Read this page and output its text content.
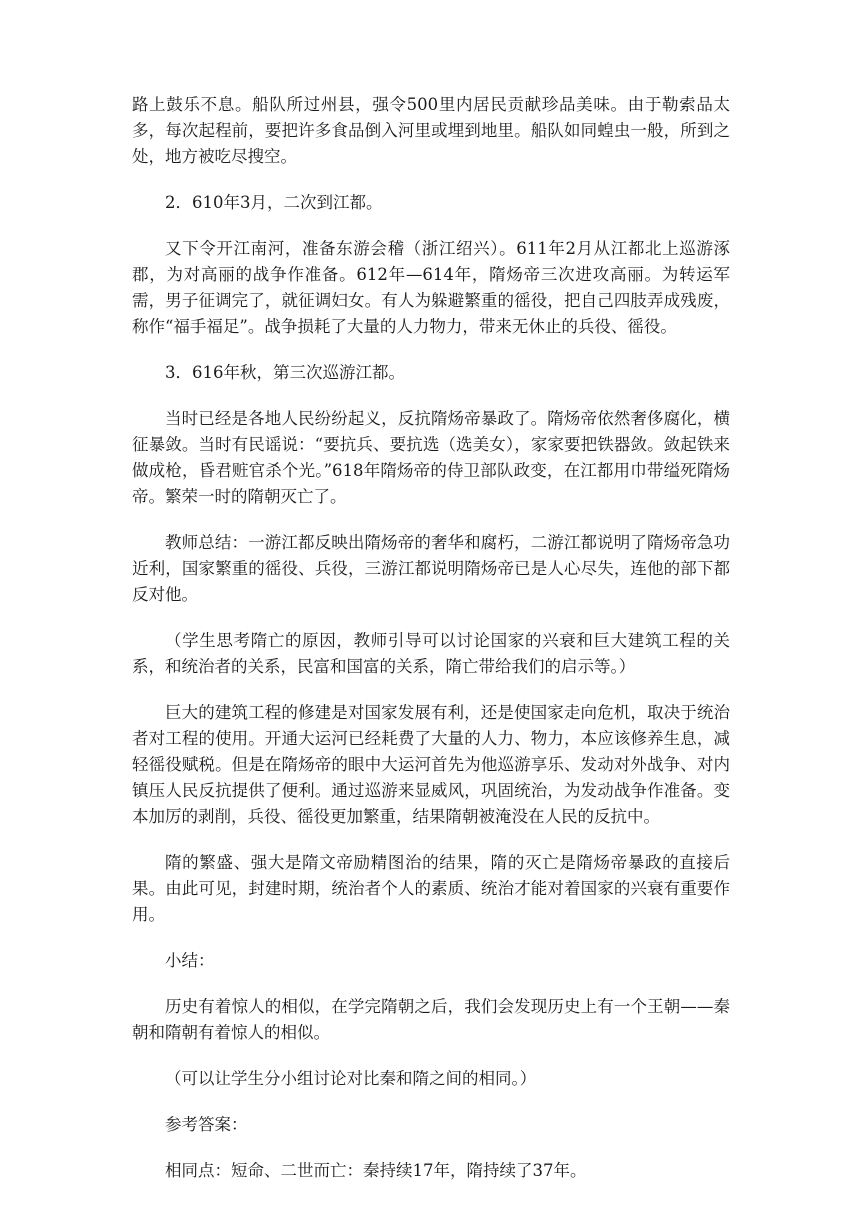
路上鼓乐不息。船队所过州县，强令500里内居民贡献珍品美味。由于勒索品太多，每次起程前，要把许多食品倒入河里或埋到地里。船队如同蝗虫一般，所到之处，地方被吃尽搜空。

2．610年3月，二次到江都。

又下令开江南河，准备东游会稽（浙江绍兴）。611年2月从江都北上巡游涿郡，为对高丽的战争作准备。612年—614年，隋炀帝三次进攻高丽。为转运军需，男子征调完了，就征调妇女。有人为躲避繁重的徭役，把自己四肢弄成残废，称作“福手福足”。战争损耗了大量的人力物力，带来无休止的兵役、徭役。

3．616年秋，第三次巡游江都。

当时已经是各地人民纷纷起义，反抗隋炀帝暴政了。隋炀帝依然奢侈腐化，横征暴敛。当时有民谣说：“要抗兵、要抗选（选美女），家家要把铁器敛。敛起铁来做成枪，昏君赃官杀个光。”618年隋炀帝的侍卫部队政变，在江都用巾带缢死隋炀帝。繁荣一时的隋朝灭亡了。

教师总结：一游江都反映出隋炀帝的奢华和腐朽，二游江都说明了隋炀帝急功近利，国家繁重的徭役、兵役，三游江都说明隋炀帝已是人心尽失，连他的部下都反对他。

（学生思考隋亡的原因，教师引导可以讨论国家的兴衰和巨大建筑工程的关系，和统治者的关系，民富和国富的关系，隋亡带给我们的启示等。）

巨大的建筑工程的修建是对国家发展有利，还是使国家走向危机，取决于统治者对工程的使用。开通大运河已经耗费了大量的人力、物力，本应该修养生息，减轻徭役赋税。但是在隋炀帝的眼中大运河首先为他巡游享乐、发动对外战争、对内镇压人民反抗提供了便利。通过巡游来显威风，巩固统治，为发动战争作准备。变本加厉的剥削，兵役、徭役更加繁重，结果隋朝被淹没在人民的反抗中。

隋的繁盛、强大是隋文帝励精图治的结果，隋的灭亡是隋炀帝暴政的直接后果。由此可见，封建时期，统治者个人的素质、统治才能对着国家的兴衰有重要作用。

小结：

历史有着惊人的相似，在学完隋朝之后，我们会发现历史上有一个王朝——秦朝和隋朝有着惊人的相似。

（可以让学生分小组讨论对比秦和隋之间的相同。）

参考答案：

相同点：短命、二世而亡：秦持续17年，隋持续了37年。
